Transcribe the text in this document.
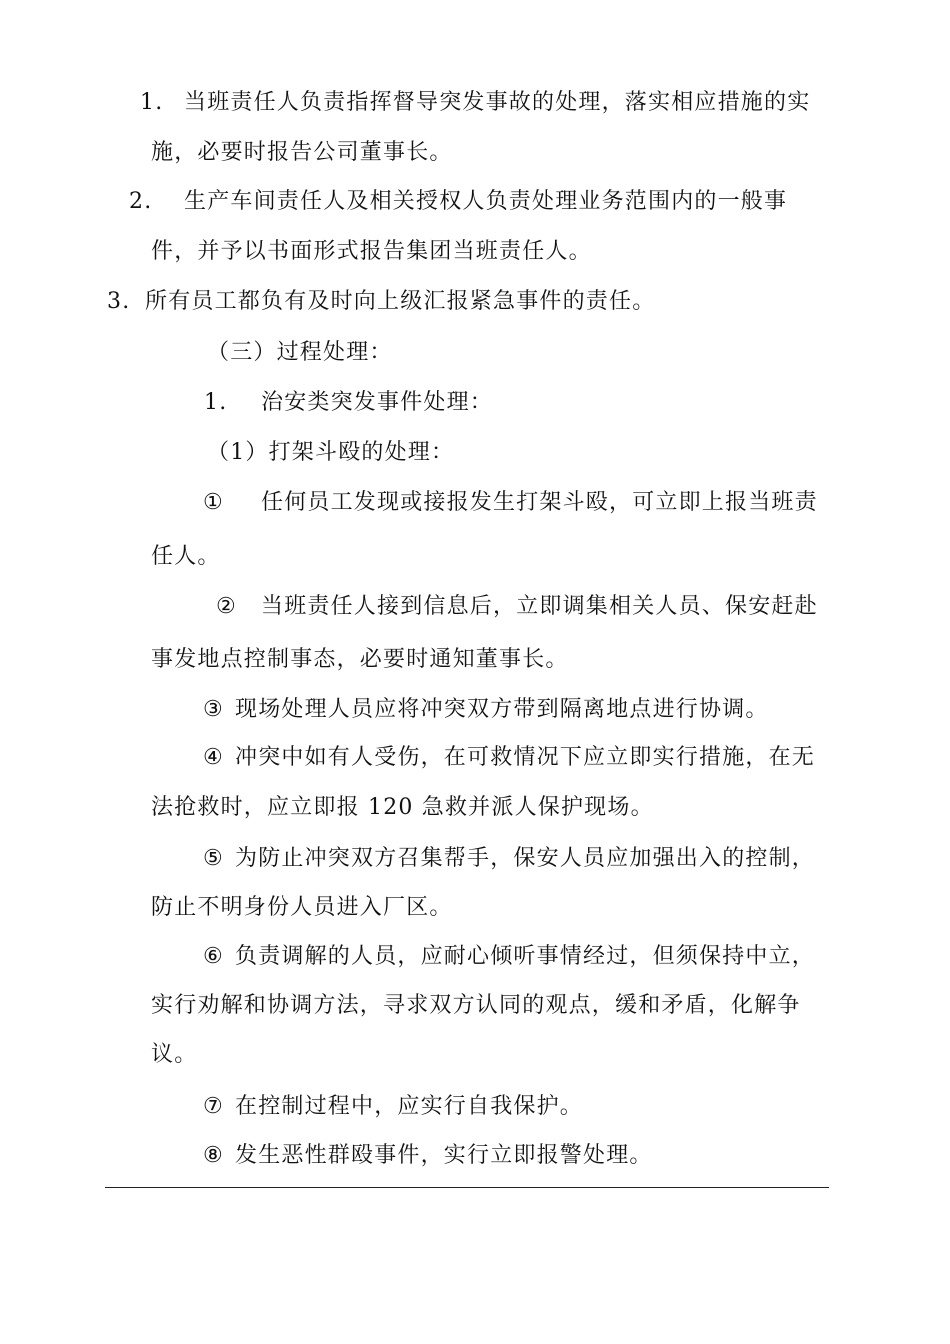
1. 当班责任人负责指挥督导突发事故的处理，落实相应措施的实
施，必要时报告公司董事长。
2. 生产车间责任人及相关授权人负责处理业务范围内的一般事
件，并予以书面形式报告集团当班责任人。
3. 所有员工都负有及时向上级汇报紧急事件的责任。
（三）过程处理：
1. 治安类突发事件处理：
（1）打架斗殴的处理：
① 任何员工发现或接报发生打架斗殴，可立即上报当班责
任人。
② 当班责任人接到信息后，立即调集相关人员、保安赶赴
事发地点控制事态，必要时通知董事长。
③ 现场处理人员应将冲突双方带到隔离地点进行协调。
④ 冲突中如有人受伤，在可救情况下应立即实行措施，在无
法抢救时，应立即报 120 急救并派人保护现场。
⑤ 为防止冲突双方召集帮手，保安人员应加强出入的控制，
防止不明身份人员进入厂区。
⑥ 负责调解的人员，应耐心倾听事情经过，但须保持中立，
实行劝解和协调方法，寻求双方认同的观点，缓和矛盾，化解争
议。
⑦ 在控制过程中，应实行自我保护。
⑧ 发生恶性群殴事件，实行立即报警处理。
